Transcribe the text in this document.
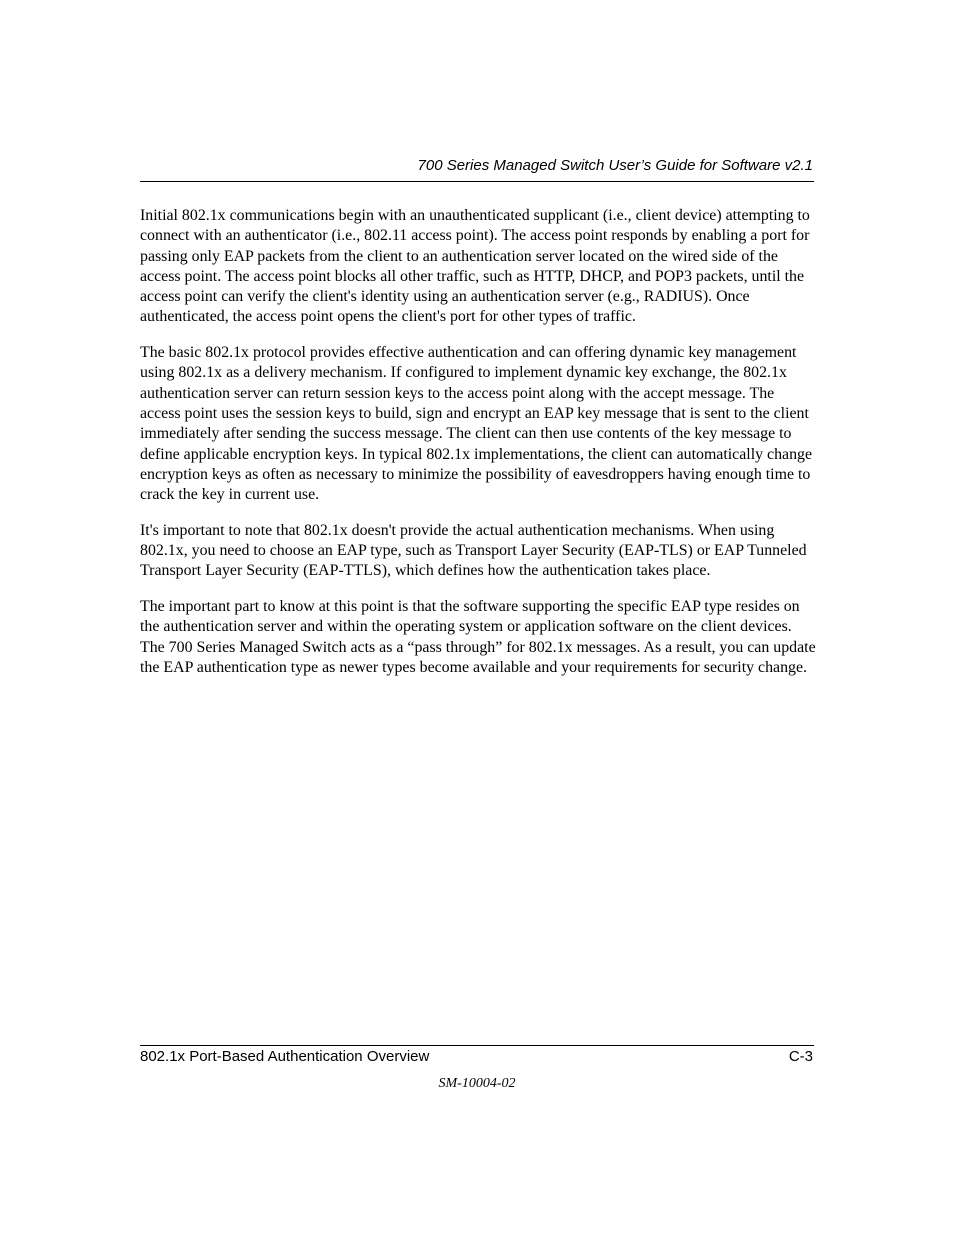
700 Series Managed Switch User’s Guide for Software v2.1

Initial 802.1x communications begin with an unauthenticated supplicant (i.e., client device) attempting to connect with an authenticator (i.e., 802.11 access point). The access point responds by enabling a port for passing only EAP packets from the client to an authentication server located on the wired side of the access point. The access point blocks all other traffic, such as HTTP, DHCP, and POP3 packets, until the access point can verify the client's identity using an authentication server (e.g., RADIUS). Once authenticated, the access point opens the client's port for other types of traffic.

The basic 802.1x protocol provides effective authentication and can offering dynamic key management using 802.1x as a delivery mechanism. If configured to implement dynamic key exchange, the 802.1x authentication server can return session keys to the access point along with the accept message. The access point uses the session keys to build, sign and encrypt an EAP key message that is sent to the client immediately after sending the success message. The client can then use contents of the key message to define applicable encryption keys. In typical 802.1x implementations, the client can automatically change encryption keys as often as necessary to minimize the possibility of eavesdroppers having enough time to crack the key in current use.

It's important to note that 802.1x doesn't provide the actual authentication mechanisms. When using 802.1x, you need to choose an EAP type, such as Transport Layer Security (EAP-TLS) or EAP Tunneled Transport Layer Security (EAP-TTLS), which defines how the authentication takes place.

The important part to know at this point is that the software supporting the specific EAP type resides on the authentication server and within the operating system or application software on the client devices. The 700 Series Managed Switch acts as a “pass through” for 802.1x messages. As a result, you can update the EAP authentication type as newer types become available and your requirements for security change.

802.1x Port-Based Authentication Overview	C-3
SM-10004-02
